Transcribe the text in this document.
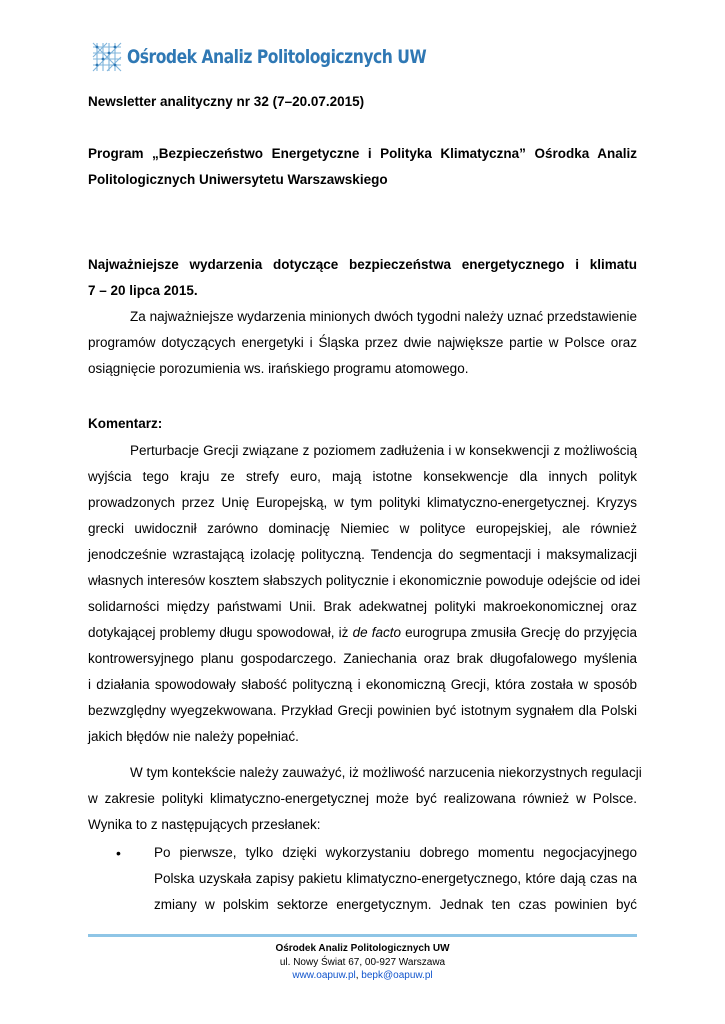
Ośrodek Analiz Politologicznych UW
Newsletter analityczny nr 32 (7–20.07.2015)
Program „Bezpieczeństwo Energetyczne i Polityka Klimatyczna” Ośrodka Analiz
Politologicznych Uniwersytetu Warszawskiego
Najważniejsze wydarzenia dotyczące bezpieczeństwa energetycznego i klimatu
7 – 20 lipca 2015.
Za najważniejsze wydarzenia minionych dwóch tygodni należy uznać przedstawienie
programów dotyczących energetyki i Śląska przez dwie największe partie w Polsce oraz
osiągnięcie porozumienia ws. irańskiego programu atomowego.
Komentarz:
Perturbacje Grecji związane z poziomem zadłużenia i w konsekwencji z możliwością
wyjścia tego kraju ze strefy euro, mają istotne konsekwencje dla innych polityk
prowadzonych przez Unię Europejską, w tym polityki klimatyczno-energetycznej. Kryzys
grecki uwidocznił zarówno dominację Niemiec w polityce europejskiej, ale również
jenodcześnie wzrastającą izolację polityczną. Tendencja do segmentacji i maksymalizacji
własnych interesów kosztem słabszych politycznie i ekonomicznie powoduje odejście od idei
solidarności między państwami Unii. Brak adekwatnej polityki makroekonomicznej oraz
dotykającej problemy długu spowodował, iż de facto eurogrupa zmusiła Grecję do przyjęcia
kontrowersyjnego planu gospodarczego. Zaniechania oraz brak długofalowego myślenia
i działania spowodowały słabość polityczną i ekonomiczną Grecji, która została w sposób
bezwzględny wyegzekwowana. Przykład Grecji powinien być istotnym sygnałem dla Polski
jakich błędów nie należy popełniać.
W tym kontekście należy zauważyć, iż możliwość narzucenia niekorzystnych regulacji
w zakresie polityki klimatyczno-energetycznej może być realizowana również w Polsce.
Wynika to z następujących przesłanek:
• Po pierwsze, tylko dzięki wykorzystaniu dobrego momentu negocjacyjnego
Polska uzyskała zapisy pakietu klimatyczno-energetycznego, które dają czas na
zmiany w polskim sektorze energetycznym. Jednak ten czas powinien być
Ośrodek Analiz Politologicznych UW
ul. Nowy Świat 67, 00-927 Warszawa
www.oapuw.pl, bepk@oapuw.pl
